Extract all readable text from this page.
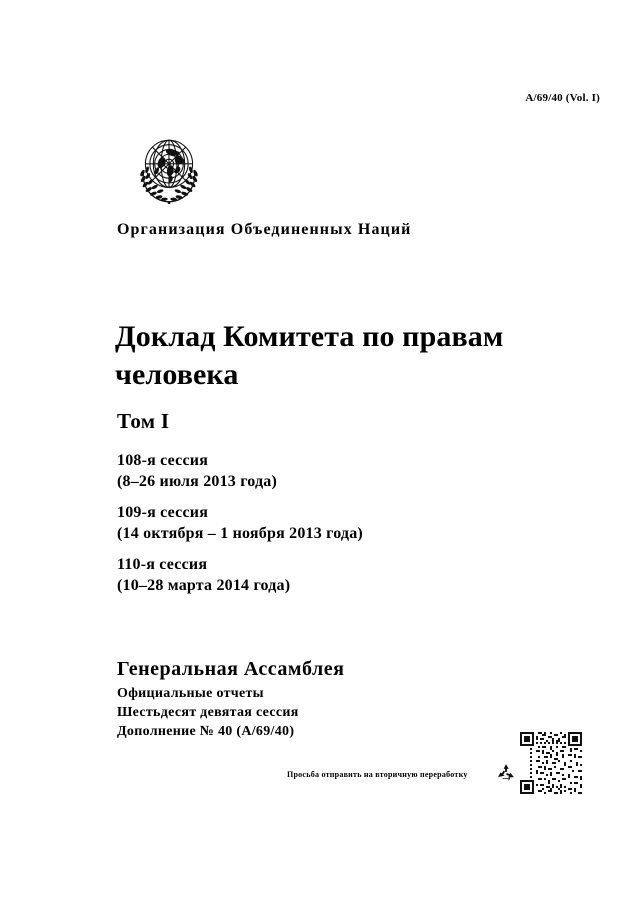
A/69/40 (Vol. I)
Организация Объединенных Наций
Доклад Комитета по правам человека
Том I
108-я сессия
(8–26 июля 2013 года)
109-я сессия
(14 октября – 1 ноября 2013 года)
110-я сессия
(10–28 марта 2014 года)
Генеральная Ассамблея
Официальные отчеты
Шестьдесят девятая сессия
Дополнение № 40 (A/69/40)
Просьба отправить на вторичную переработку
